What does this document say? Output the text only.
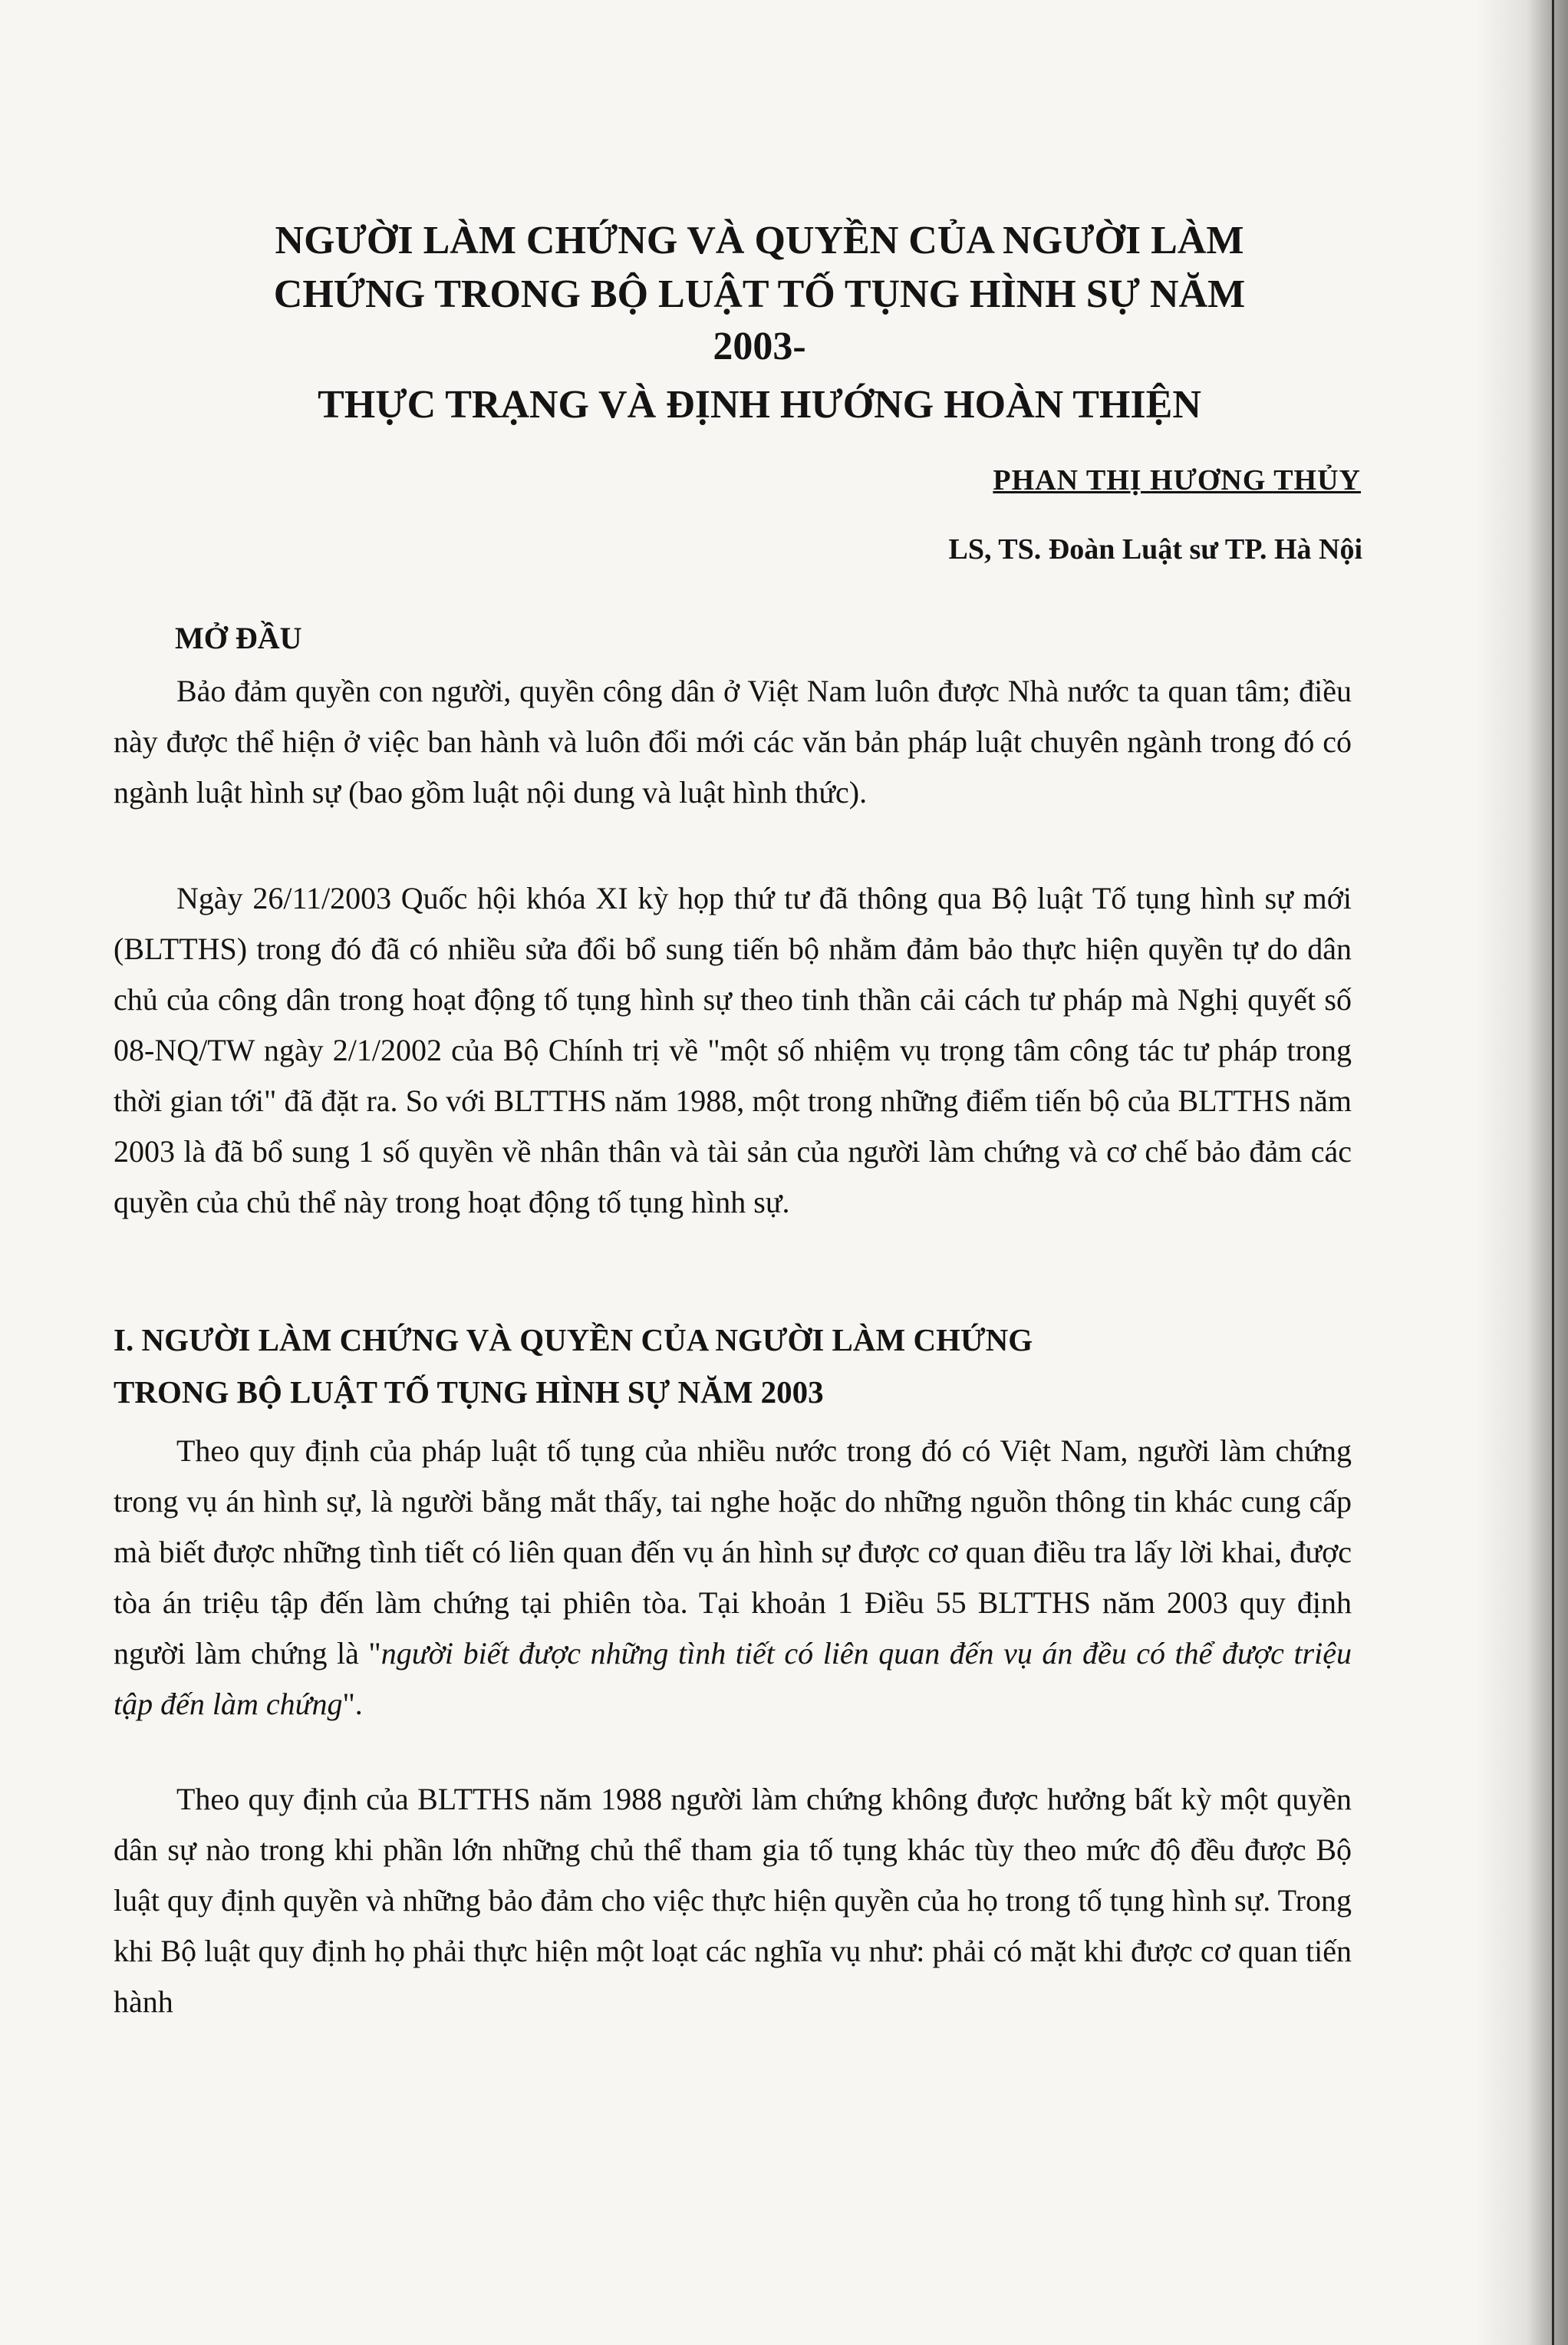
NGƯỜI LÀM CHỨNG VÀ QUYỀN CỦA NGƯỜI LÀM
CHỨNG TRONG BỘ LUẬT TỐ TỤNG HÌNH SỰ NĂM
2003-
THỰC TRẠNG VÀ ĐỊNH HƯỚNG HOÀN THIỆN
PHAN THỊ HƯƠNG THỦY
LS, TS. Đoàn Luật sư TP. Hà Nội
MỞ ĐẦU

Bảo đảm quyền con người, quyền công dân ở Việt Nam luôn được Nhà nước ta quan tâm; điều này được thể hiện ở việc ban hành và luôn đổi mới các văn bản pháp luật chuyên ngành trong đó có ngành luật hình sự (bao gồm luật nội dung và luật hình thức).

Ngày 26/11/2003 Quốc hội khóa XI kỳ họp thứ tư đã thông qua Bộ luật Tố tụng hình sự mới (BLTTHS) trong đó đã có nhiều sửa đổi bổ sung tiến bộ nhằm đảm bảo thực hiện quyền tự do dân chủ của công dân trong hoạt động tố tụng hình sự theo tinh thần cải cách tư pháp mà Nghị quyết số 08-NQ/TW ngày 2/1/2002 của Bộ Chính trị về "một số nhiệm vụ trọng tâm công tác tư pháp trong thời gian tới" đã đặt ra. So với BLTTHS năm 1988, một trong những điểm tiến bộ của BLTTHS năm 2003 là đã bổ sung 1 số quyền về nhân thân và tài sản của người làm chứng và cơ chế bảo đảm các quyền của chủ thể này trong hoạt động tố tụng hình sự.

I. NGƯỜI LÀM CHỨNG VÀ QUYỀN CỦA NGƯỜI LÀM CHỨNG
TRONG BỘ LUẬT TỐ TỤNG HÌNH SỰ NĂM 2003

Theo quy định của pháp luật tố tụng của nhiều nước trong đó có Việt Nam, người làm chứng trong vụ án hình sự, là người bằng mắt thấy, tai nghe hoặc do những nguồn thông tin khác cung cấp mà biết được những tình tiết có liên quan đến vụ án hình sự được cơ quan điều tra lấy lời khai, được tòa án triệu tập đến làm chứng tại phiên tòa. Tại khoản 1 Điều 55 BLTTHS năm 2003 quy định người làm chứng là "người biết được những tình tiết có liên quan đến vụ án đều có thể được triệu tập đến làm chứng".

Theo quy định của BLTTHS năm 1988 người làm chứng không được hưởng bất kỳ một quyền dân sự nào trong khi phần lớn những chủ thể tham gia tố tụng khác tùy theo mức độ đều được Bộ luật quy định quyền và những bảo đảm cho việc thực hiện quyền của họ trong tố tụng hình sự. Trong khi Bộ luật quy định họ phải thực hiện một loạt các nghĩa vụ như: phải có mặt khi được cơ quan tiến hành
